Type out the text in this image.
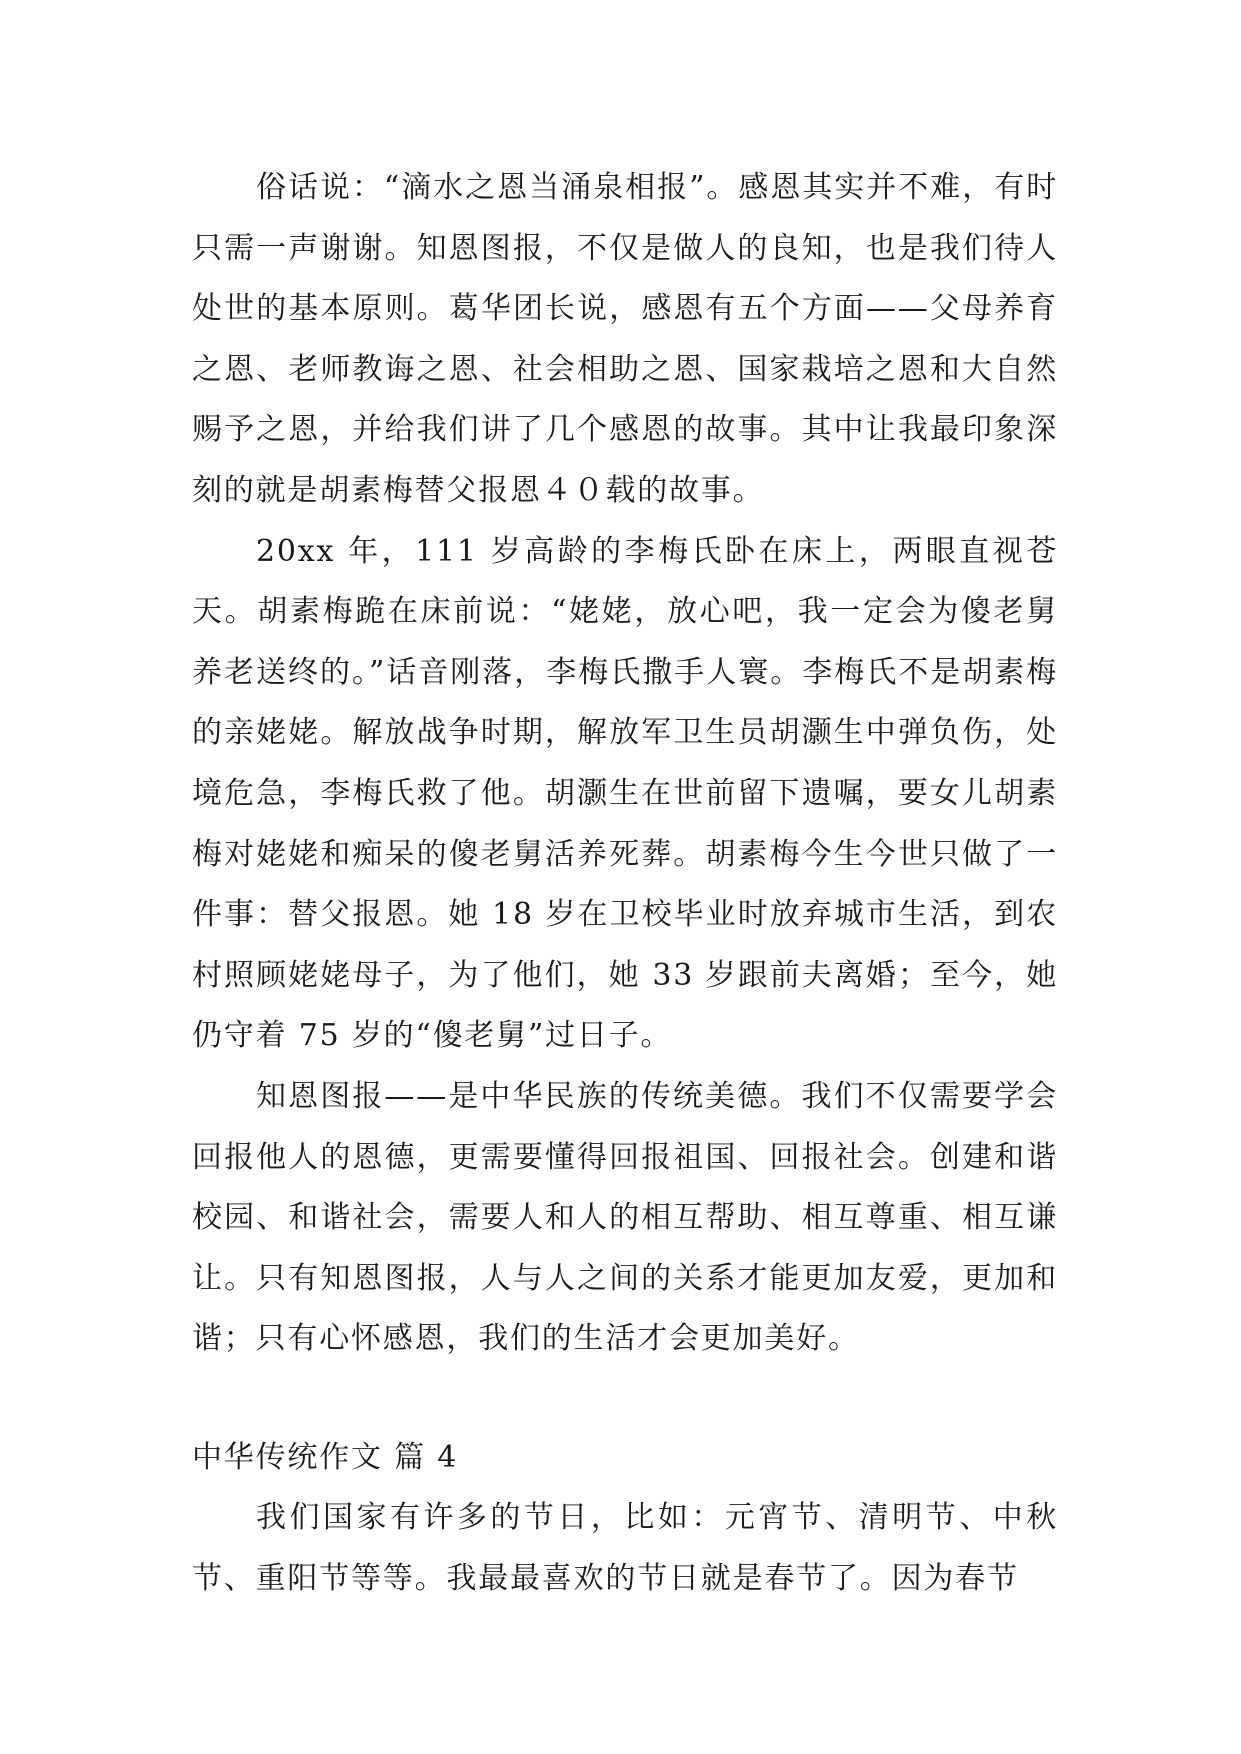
俗话说：“滴水之恩当涌泉相报”。感恩其实并不难，有时只需一声谢谢。知恩图报，不仅是做人的良知，也是我们待人处世的基本原则。葛华团长说，感恩有五个方面——父母养育之恩、老师教诲之恩、社会相助之恩、国家栽培之恩和大自然赐予之恩，并给我们讲了几个感恩的故事。其中让我最印象深刻的就是胡素梅替父报恩４０载的故事。

20xx 年，111 岁高龄的李梅氏卧在床上，两眼直视苍天。胡素梅跪在床前说：“姥姥，放心吧，我一定会为傻老舅养老送终的。”话音刚落，李梅氏撒手人寰。李梅氏不是胡素梅的亲姥姥。解放战争时期，解放军卫生员胡灏生中弹负伤，处境危急，李梅氏救了他。胡灏生在世前留下遗嘱，要女儿胡素梅对姥姥和痴呆的傻老舅活养死葬。胡素梅今生今世只做了一件事：替父报恩。她 18 岁在卫校毕业时放弃城市生活，到农村照顾姥姥母子，为了他们，她 33 岁跟前夫离婚；至今，她仍守着 75 岁的“傻老舅”过日子。

知恩图报——是中华民族的传统美德。我们不仅需要学会回报他人的恩德，更需要懂得回报祖国、回报社会。创建和谐校园、和谐社会，需要人和人的相互帮助、相互尊重、相互谦让。只有知恩图报，人与人之间的关系才能更加友爱，更加和谐；只有心怀感恩，我们的生活才会更加美好。

中华传统作文 篇 4

我们国家有许多的节日，比如：元宵节、清明节、中秋节、重阳节等等。我最最喜欢的节日就是春节了。因为春节
